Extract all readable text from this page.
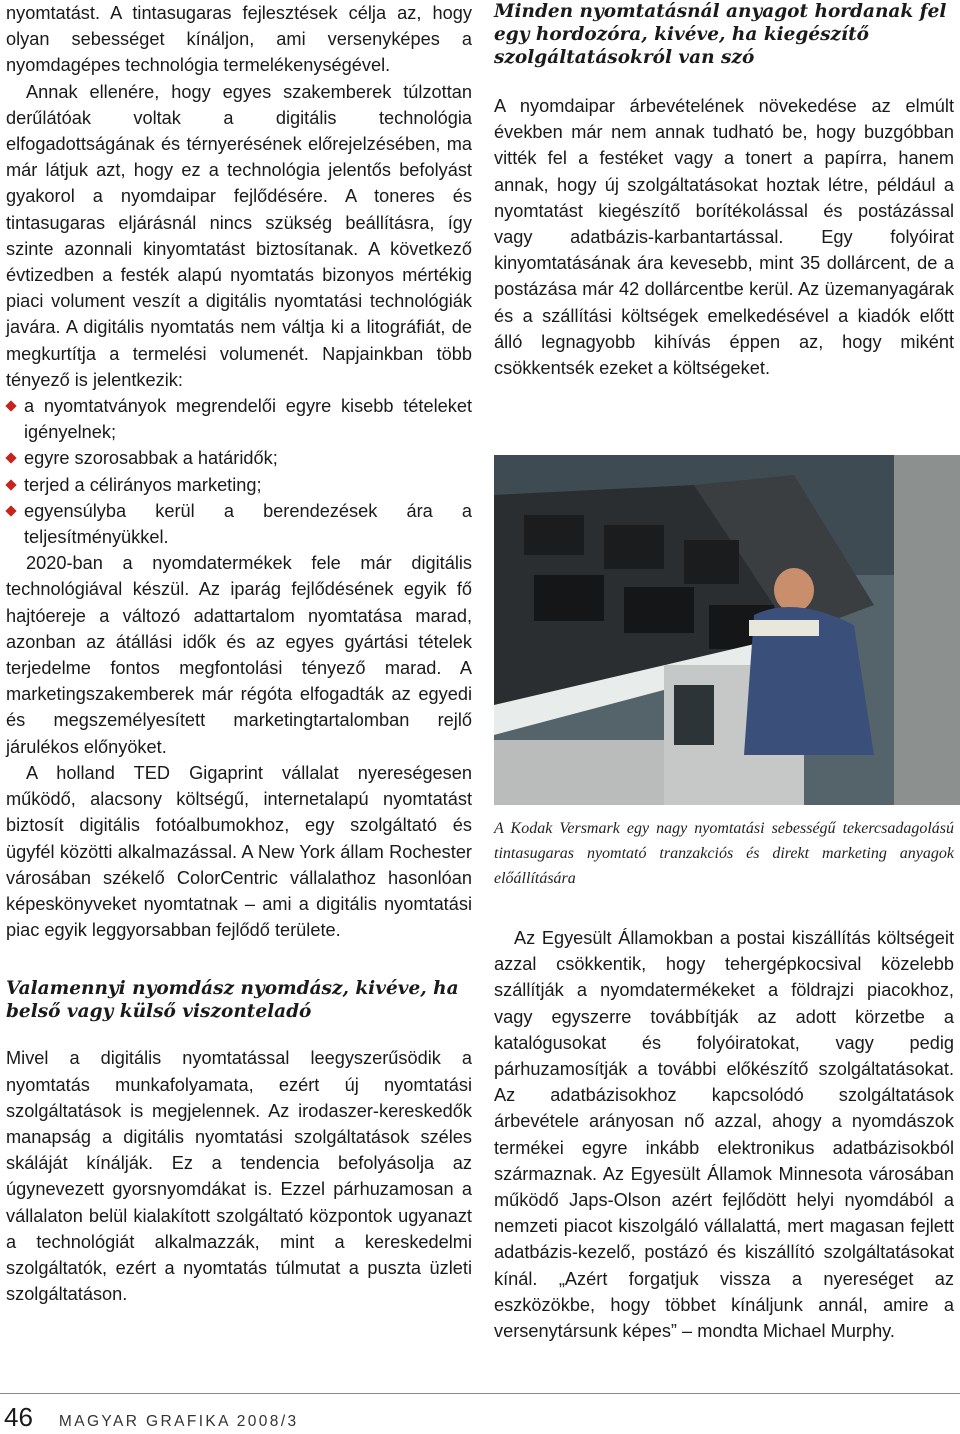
nyomtatást. A tintasugaras fejlesztések célja az, hogy olyan sebességet kínáljon, ami versenyképes a nyomdagépes technológia termelékenységével.

Annak ellenére, hogy egyes szakemberek túlzottan derűlátóak voltak a digitális technológia elfogadottságának és térnyerésének előrejelzésében, ma már látjuk azt, hogy ez a technológia jelentős befolyást gyakorol a nyomdaipar fejlődésére. A toneres és tintasugaras eljárásnál nincs szükség beállításra, így szinte azonnali kinyomtatást biztosítanak. A következő évtizedben a festék alapú nyomtatás bizonyos mértékig piaci volument veszít a digitális nyomtatási technológiák javára. A digitális nyomtatás nem váltja ki a litográfiát, de megkurtítja a termelési volumenét. Napjainkban több tényező is jelentkezik:

a nyomtatványok megrendelői egyre kisebb tételeket igényelnek;
egyre szorosabbak a határidők;
terjed a célirányos marketing;
egyensúlyba kerül a berendezések ára a teljesítményükkel.

2020-ban a nyomdatermékek fele már digitális technológiával készül. Az iparág fejlődésének egyik fő hajtóereje a változó adattartalom nyomtatása marad, azonban az átállási idők és az egyes gyártási tételek terjedelme fontos megfontolási tényező marad. A marketingszakemberek már régóta elfogadták az egyedi és megszemélyesített marketingtartalomban rejlő járulékos előnyöket.

A holland TED Gigaprint vállalat nyereségesen működő, alacsony költségű, internetalapú nyomtatást biztosít digitális fotóalbumokhoz, egy szolgáltató és ügyfél közötti alkalmazással. A New York állam Rochester városában székelő ColorCentric vállalathoz hasonlóan képeskönyveket nyomtatnak – ami a digitális nyomtatási piac egyik leggyorsabban fejlődő területe.

Valamennyi nyomdász nyomdász, kivéve, ha belső vagy külső viszonteladó

Mivel a digitális nyomtatással leegyszerűsödik a nyomtatás munkafolyamata, ezért új nyomtatási szolgáltatások is megjelennek. Az irodaszer-kereskedők manapság a digitális nyomtatási szolgáltatások széles skáláját kínálják. Ez a tendencia befolyásolja az úgynevezett gyorsnyomdákat is. Ezzel párhuzamosan a vállalaton belül kialakított szolgáltató központok ugyanazt a technológiát alkalmazzák, mint a kereskedelmi szolgáltatók, ezért a nyomtatás túlmutat a puszta üzleti szolgáltatáson.

Minden nyomtatásnál anyagot hordanak fel egy hordozóra, kivéve, ha kiegészítő szolgáltatásokról van szó

A nyomdaipar árbevételének növekedése az elmúlt években már nem annak tudható be, hogy buzgóbban vitték fel a festéket vagy a tonert a papírra, hanem annak, hogy új szolgáltatásokat hoztak létre, például a nyomtatást kiegészítő borítékolással és postázással vagy adatbázis-karbantartással. Egy folyóirat kinyomtatásának ára kevesebb, mint 35 dollárcent, de a postázása már 42 dollárcentbe kerül. Az üzemanyagárak és a szállítási költségek emelkedésével a kiadók előtt álló legnagyobb kihívás éppen az, hogy miként csökkentsék ezeket a költségeket.

A Kodak Versmark egy nagy nyomtatási sebességű tekercsadagolású tintasugaras nyomtató tranzakciós és direkt marketing anyagok előállítására

Az Egyesült Államokban a postai kiszállítás költségeit azzal csökkentik, hogy tehergépkocsival közelebb szállítják a nyomdatermékeket a földrajzi piacokhoz, vagy egyszerre továbbítják az adott körzetbe a katalógusokat és folyóiratokat, vagy pedig párhuzamosítják a további előkészítő szolgáltatásokat. Az adatbázisokhoz kapcsolódó szolgáltatások árbevétele arányosan nő azzal, ahogy a nyomdászok termékei egyre inkább elektronikus adatbázisokból származnak. Az Egyesült Államok Minnesota városában működő Japs-Olson azért fejlődött helyi nyomdából a nemzeti piacot kiszolgáló vállalattá, mert magasan fejlett adatbázis-kezelő, postázó és kiszállító szolgáltatásokat kínál. „Azért forgatjuk vissza a nyereséget az eszközökbe, hogy többet kínáljunk annál, amire a versenytársunk képes” – mondta Michael Murphy.

46 MAGYAR GRAFIKA 2008/3
